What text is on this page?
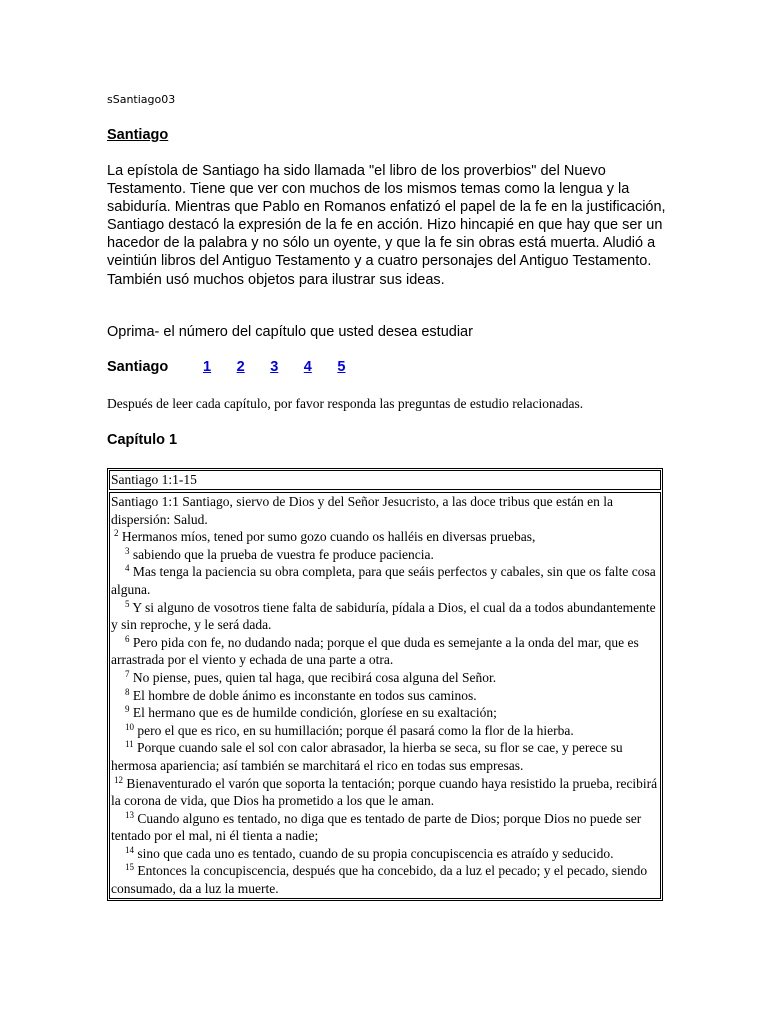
sSantiago03
Santiago

La epístola de Santiago ha sido llamada "el libro de los proverbios" del Nuevo Testamento. Tiene que ver con muchos de los mismos temas como la lengua y la sabiduría. Mientras que Pablo en Romanos enfatizó el papel de la fe en la justificación, Santiago destacó la expresión de la fe en acción. Hizo hincapié en que hay que ser un hacedor de la palabra y no sólo un oyente, y que la fe sin obras está muerta. Aludió a veintiún libros del Antiguo Testamento y a cuatro personajes del Antiguo Testamento. También usó muchos objetos para ilustrar sus ideas.

Oprima- el número del capítulo que usted desea estudiar

Santiago	1	2	3	4	5

Después de leer cada capítulo, por favor responda las preguntas de estudio relacionadas.

Capítulo 1
Santiago 1:1-15
Santiago 1:1 Santiago, siervo de Dios y del Señor Jesucristo, a las doce tribus que están en la dispersión: Salud.
$^2$ Hermanos míos, tened por sumo gozo cuando os halléis en diversas pruebas,
$^3$ sabiendo que la prueba de vuestra fe produce paciencia.
$^4$ Mas tenga la paciencia su obra completa, para que seáis perfectos y cabales, sin que os falte cosa alguna.
$^5$ Y si alguno de vosotros tiene falta de sabiduría, pídala a Dios, el cual da a todos abundantemente y sin reproche, y le será dada.
$^6$ Pero pida con fe, no dudando nada; porque el que duda es semejante a la onda del mar, que es arrastrada por el viento y echada de una parte a otra.
$^7$ No piense, pues, quien tal haga, que recibirá cosa alguna del Señor.
$^8$ El hombre de doble ánimo es inconstante en todos sus caminos.
$^9$ El hermano que es de humilde condición, gloríese en su exaltación;
$^{10}$ pero el que es rico, en su humillación; porque él pasará como la flor de la hierba.
$^{11}$ Porque cuando sale el sol con calor abrasador, la hierba se seca, su flor se cae, y perece su hermosa apariencia; así también se marchitará el rico en todas sus empresas.
$^{12}$ Bienaventurado el varón que soporta la tentación; porque cuando haya resistido la prueba, recibirá la corona de vida, que Dios ha prometido a los que le aman.
$^{13}$ Cuando alguno es tentado, no diga que es tentado de parte de Dios; porque Dios no puede ser tentado por el mal, ni él tienta a nadie;
$^{14}$ sino que cada uno es tentado, cuando de su propia concupiscencia es atraído y seducido.
$^{15}$ Entonces la concupiscencia, después que ha concebido, da a luz el pecado; y el pecado, siendo consumado, da a luz la muerte.
